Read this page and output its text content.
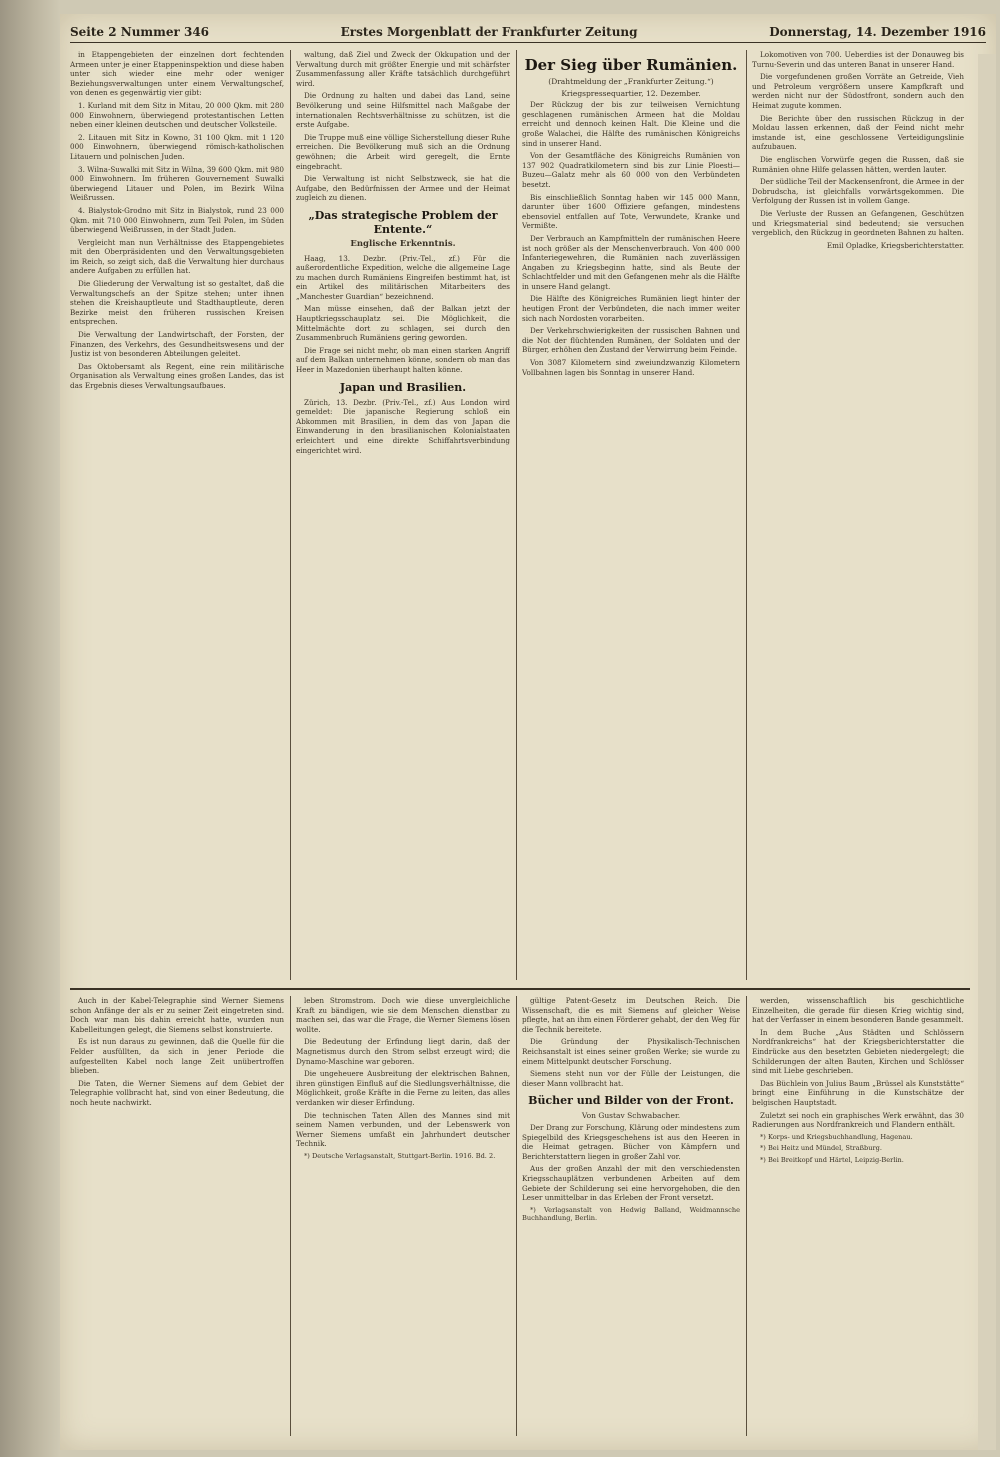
Seite 2 Nummer 346	Erstes Morgenblatt der Frankfurter Zeitung	Donnerstag, 14. Dezember 1916

in Etappengebieten der einzelnen dort fechtenden Armeen unter je einer Etappeninspektion und diese haben unter sich wieder eine mehr oder weniger Beziehungsverwaltungen unter einem Verwaltungschef, von denen es gegenwärtig vier gibt:

1. Kurland mit dem Sitz in Mitau, 20 000 Qkm. mit 280 000 Einwohnern, überwiegend protestantischen Letten neben einer kleinen deutschen und deutscher Volksteile.

2. Litauen mit Sitz in Kowno, 31 100 Qkm. mit 1 120 000 Einwohnern, überwiegend römisch-katholischen Litauern und polnischen Juden.

3. Wilna-Suwalki mit Sitz in Wilna, 39 600 Qkm. mit 980 000 Einwohnern. Im früheren Gouvernement Suwalki überwiegend Litauer und Polen, im Bezirk Wilna Weißrussen.

4. Bialystok-Grodno mit Sitz in Bialystok, rund 23 000 Qkm. mit 710 000 Einwohnern, zum Teil Polen, im Süden überwiegend Weißrussen, in der Stadt Juden.

Vergleicht man nun Verhältnisse des Etappengebietes mit den Oberpräsidenten und den Verwaltungsgebieten im Reich, so zeigt sich, daß die Verwaltung hier durchaus andere Aufgaben zu erfüllen hat.

Die Gliederung der Verwaltung ist so gestaltet, daß die Verwaltungschefs an der Spitze stehen; unter ihnen stehen die Kreishauptleute und Stadthauptleute, deren Bezirke meist den früheren russischen Kreisen entsprechen.

Die Verwaltung der Landwirtschaft, der Forsten, der Finanzen, des Verkehrs, des Gesundheitswesens und der Justiz ist von besonderen Abteilungen geleitet.

Das Oktobersamt als Regent, eine rein militärische Organisation als Verwaltung eines großen Landes, das ist das Ergebnis dieses Verwaltungsaufbaues.

waltung, daß Ziel und Zweck der Okkupation und der Verwaltung durch mit größter Energie und mit schärfster Zusammenfassung aller Kräfte tatsächlich durchgeführt wird.

Die Ordnung zu halten und dabei das Land, seine Bevölkerung und seine Hilfsmittel nach Maßgabe der internationalen Rechtsverhältnisse zu schützen, ist die erste Aufgabe.

Die Truppe muß eine völlige Sicherstellung dieser Ruhe erreichen. Die Bevölkerung muß sich an die Ordnung gewöhnen; die Arbeit wird geregelt, die Ernte eingebracht.

Die Verwaltung ist nicht Selbstzweck, sie hat die Aufgabe, den Bedürfnissen der Armee und der Heimat zugleich zu dienen.

„Das strategische Problem der Entente.“
Englische Erkenntnis.

Haag, 13. Dezbr. (Priv.-Tel., zf.) Für die außerordentliche Expedition, welche die allgemeine Lage zu machen durch Rumäniens Eingreifen bestimmt hat, ist ein Artikel des militärischen Mitarbeiters des „Manchester Guardian“ bezeichnend.

Man müsse einsehen, daß der Balkan jetzt der Hauptkriegsschauplatz sei. Die Möglichkeit, die Mittelmächte dort zu schlagen, sei durch den Zusammenbruch Rumäniens gering geworden.

Die Frage sei nicht mehr, ob man einen starken Angriff auf dem Balkan unternehmen könne, sondern ob man das Heer in Mazedonien überhaupt halten könne.

Japan und Brasilien.

Zürich, 13. Dezbr. (Priv.-Tel., zf.) Aus London wird gemeldet: Die japanische Regierung schloß ein Abkommen mit Brasilien, in dem das von Japan die Einwanderung in den brasilianischen Kolonialstaaten erleichtert und eine direkte Schiffahrtsverbindung eingerichtet wird.

Der Sieg über Rumänien.
(Drahtmeldung der „Frankfurter Zeitung.“)
Kriegspressequartier, 12. Dezember.

Der Rückzug der bis zur teilweisen Vernichtung geschlagenen rumänischen Armeen hat die Moldau erreicht und dennoch keinen Halt. Die Kleine und die große Walachei, die Hälfte des rumänischen Königreichs sind in unserer Hand.

Von der Gesamtfläche des Königreichs Rumänien von 137 902 Quadratkilometern sind bis zur Linie Ploesti—Buzeu—Galatz mehr als 60 000 von den Verbündeten besetzt.

Bis einschließlich Sonntag haben wir 145 000 Mann, darunter über 1600 Offiziere gefangen, mindestens ebensoviel entfallen auf Tote, Verwundete, Kranke und Vermißte.

Der Verbrauch an Kampfmitteln der rumänischen Heere ist noch größer als der Menschenverbrauch. Von 400 000 Infanteriegewehren, die Rumänien nach zuverlässigen Angaben zu Kriegsbeginn hatte, sind als Beute der Schlachtfelder und mit den Gefangenen mehr als die Hälfte in unsere Hand gelangt.

Die Hälfte des Königreiches Rumänien liegt hinter der heutigen Front der Verbündeten, die nach immer weiter sich nach Nordosten vorarbeiten.

Der Verkehrschwierigkeiten der russischen Bahnen und die Not der flüchtenden Rumänen, der Soldaten und der Bürger, erhöhen den Zustand der Verwirrung beim Feinde.

Von 3087 Kilometern sind zweiundzwanzig Kilometern Vollbahnen lagen bis Sonntag in unserer Hand.

Lokomotiven von 700. Ueberdies ist der Donauweg bis Turnu-Severin und das unteren Banat in unserer Hand.

Die vorgefundenen großen Vorräte an Getreide, Vieh und Petroleum vergrößern unsere Kampfkraft und werden nicht nur der Südostfront, sondern auch den Heimat zugute kommen.

Die Berichte über den russischen Rückzug in der Moldau lassen erkennen, daß der Feind nicht mehr imstande ist, eine geschlossene Verteidigungslinie aufzubauen.

Die englischen Vorwürfe gegen die Russen, daß sie Rumänien ohne Hilfe gelassen hätten, werden lauter.

Der südliche Teil der Mackensenfront, die Armee in der Dobrudscha, ist gleichfalls vorwärtsgekommen. Die Verfolgung der Russen ist in vollem Gange.

Die Verluste der Russen an Gefangenen, Geschützen und Kriegsmaterial sind bedeutend; sie versuchen vergeblich, den Rückzug in geordneten Bahnen zu halten.

Emil Opladke, Kriegsberichterstatter.

Auch in der Kabel-Telegraphie sind Werner Siemens schon Anfänge der als er zu seiner Zeit eingetreten sind. Doch war man bis dahin erreicht hatte, wurden nun Kabelleitungen gelegt, die Siemens selbst konstruierte.

Es ist nun daraus zu gewinnen, daß die Quelle für die Felder ausfüllten, da sich in jener Periode die aufgestellten Kabel noch lange Zeit unübertroffen blieben.

Die Taten, die Werner Siemens auf dem Gebiet der Telegraphie vollbracht hat, sind von einer Bedeutung, die noch heute nachwirkt.

leben Stromstrom. Doch wie diese unvergleichliche Kraft zu bändigen, wie sie dem Menschen dienstbar zu machen sei, das war die Frage, die Werner Siemens lösen wollte.

Die Bedeutung der Erfindung liegt darin, daß der Magnetismus durch den Strom selbst erzeugt wird; die Dynamo-Maschine war geboren.

Die ungeheuere Ausbreitung der elektrischen Bahnen, ihren günstigen Einfluß auf die Siedlungsverhältnisse, die Möglichkeit, große Kräfte in die Ferne zu leiten, das alles verdanken wir dieser Erfindung.

Die technischen Taten Allen des Mannes sind mit seinem Namen verbunden, und der Lebenswerk von Werner Siemens umfaßt ein Jahrhundert deutscher Technik.

*) Deutsche Verlagsanstalt, Stuttgart-Berlin. 1916. Bd. 2.

gültige Patent-Gesetz im Deutschen Reich. Die Wissenschaft, die es mit Siemens auf gleicher Weise pflegte, hat an ihm einen Förderer gehabt, der den Weg für die Technik bereitete.

Die Gründung der Physikalisch-Technischen Reichsanstalt ist eines seiner großen Werke; sie wurde zu einem Mittelpunkt deutscher Forschung.

Siemens steht nun vor der Fülle der Leistungen, die dieser Mann vollbracht hat.

Bücher und Bilder von der Front.
Von Gustav Schwabacher.

Der Drang zur Forschung, Klärung oder mindestens zum Spiegelbild des Kriegsgeschehens ist aus den Heeren in die Heimat getragen. Bücher von Kämpfern und Berichterstattern liegen in großer Zahl vor.

Aus der großen Anzahl der mit den verschiedensten Kriegsschauplätzen verbundenen Arbeiten auf dem Gebiete der Schilderung sei eine hervorgehoben, die den Leser unmittelbar in das Erleben der Front versetzt.

*) Verlagsanstalt von Hedwig Balland, Weidmannsche Buchhandlung, Berlin.

werden, wissenschaftlich bis geschichtliche Einzelheiten, die gerade für diesen Krieg wichtig sind, hat der Verfasser in einem besonderen Bande gesammelt.

In dem Buche „Aus Städten und Schlössern Nordfrankreichs“ hat der Kriegsberichterstatter die Eindrücke aus den besetzten Gebieten niedergelegt; die Schilderungen der alten Bauten, Kirchen und Schlösser sind mit Liebe geschrieben.

Das Büchlein von Julius Baum „Brüssel als Kunststätte“ bringt eine Einführung in die Kunstschätze der belgischen Hauptstadt.

Zuletzt sei noch ein graphisches Werk erwähnt, das 30 Radierungen aus Nordfrankreich und Flandern enthält.

*) Korps- und Kriegsbuchhandlung, Hagenau.

*) Bei Heitz und Mündel, Straßburg.

*) Bei Breitkopf und Härtel, Leipzig-Berlin.
